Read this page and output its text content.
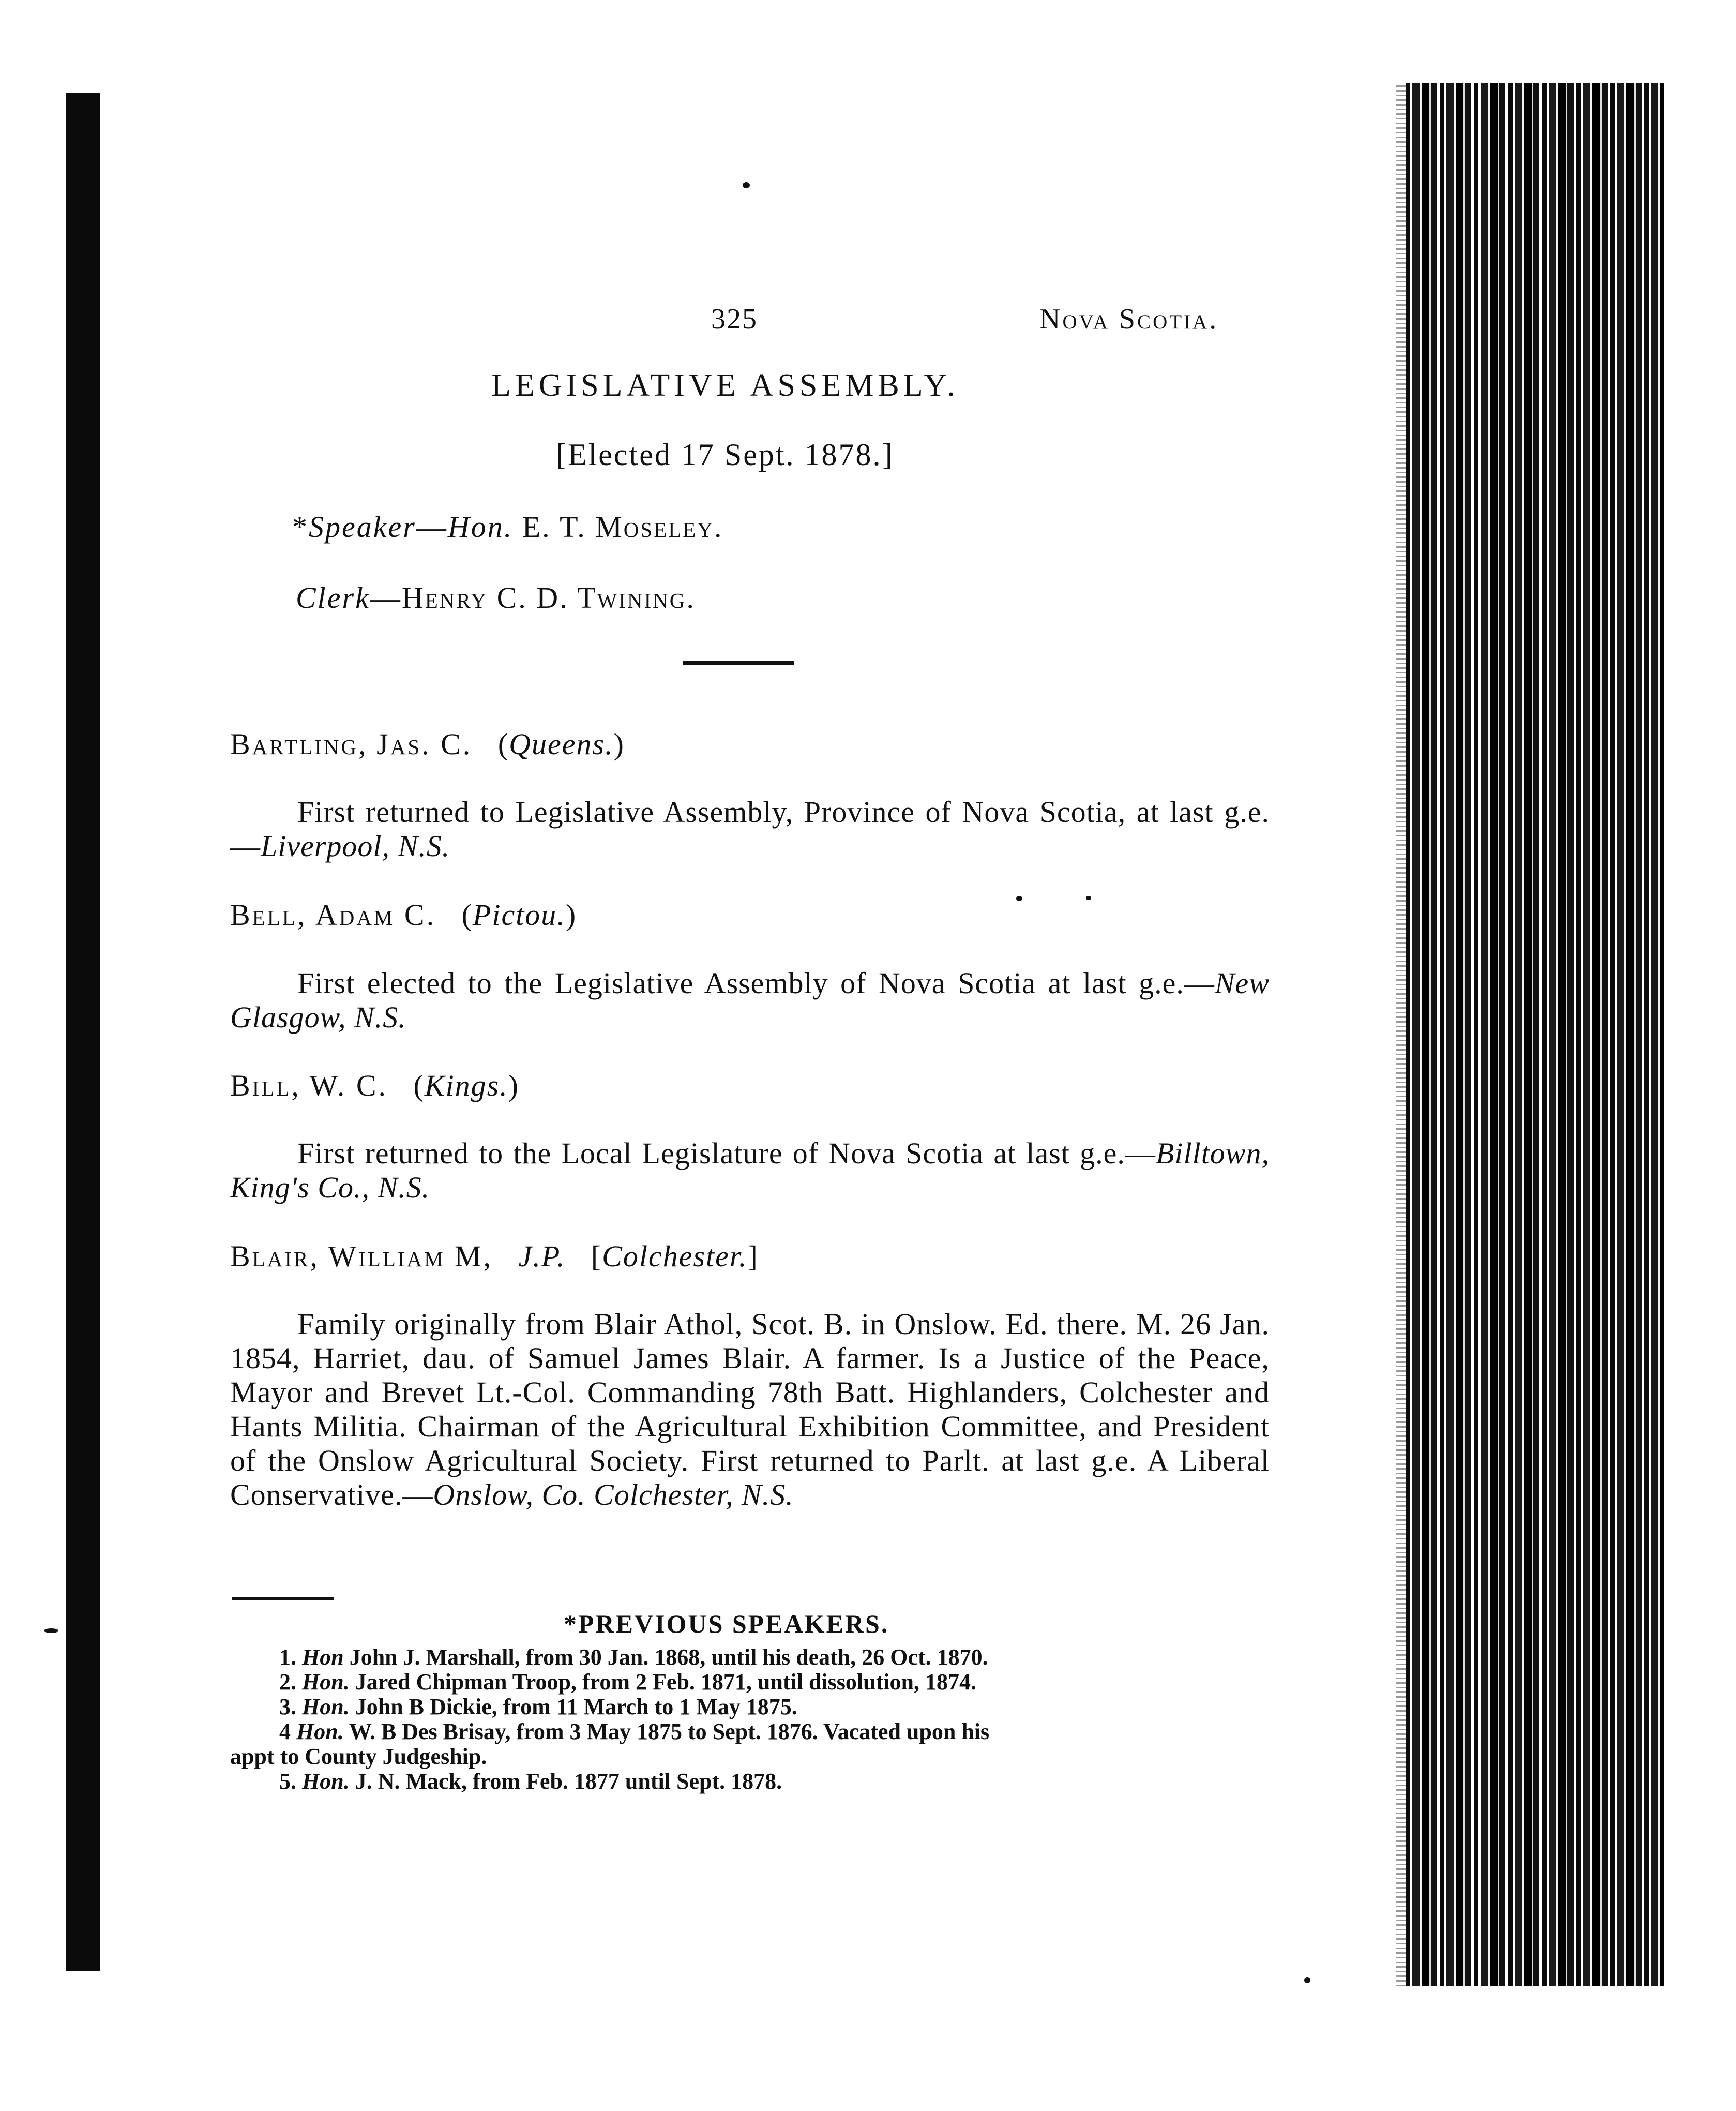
325	Nova Scotia.
LEGISLATIVE ASSEMBLY.
[Elected 17 Sept. 1878.]
*Speaker—Hon. E. T. Moseley.
Clerk—Henry C. D. Twining.
Bartling, Jas. C. (Queens.)
First returned to Legislative Assembly, Province of Nova Scotia, at last g.e.—Liverpool, N.S.
Bell, Adam C. (Pictou.)
First elected to the Legislative Assembly of Nova Scotia at last g.e.—New Glasgow, N.S.
Bill, W. C. (Kings.)
First returned to the Local Legislature of Nova Scotia at last g.e.—Billtown, King's Co., N.S.
Blair, William M, J.P. [Colchester.]
Family originally from Blair Athol, Scot. B. in Onslow. Ed. there. M. 26 Jan. 1854, Harriet, dau. of Samuel James Blair. A farmer. Is a Justice of the Peace, Mayor and Brevet Lt.-Col. Commanding 78th Batt. Highlanders, Colchester and Hants Militia. Chairman of the Agricultural Exhibition Committee, and President of the Onslow Agricultural Society. First returned to Parlt. at last g.e. A Liberal Conservative.—Onslow, Co. Colchester, N.S.
*PREVIOUS SPEAKERS.
1. Hon John J. Marshall, from 30 Jan. 1868, until his death, 26 Oct. 1870.
2. Hon. Jared Chipman Troop, from 2 Feb. 1871, until dissolution, 1874.
3. Hon. John B Dickie, from 11 March to 1 May 1875.
4 Hon. W. B Des Brisay, from 3 May 1875 to Sept. 1876. Vacated upon his
appt to County Judgeship.
5. Hon. J. N. Mack, from Feb. 1877 until Sept. 1878.
